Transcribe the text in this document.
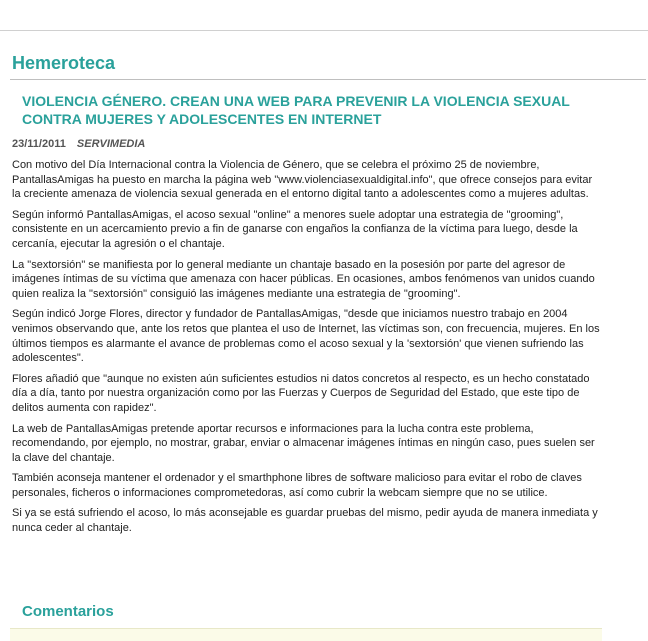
Hemeroteca
VIOLENCIA GÉNERO. CREAN UNA WEB PARA PREVENIR LA VIOLENCIA SEXUAL CONTRA MUJERES Y ADOLESCENTES EN INTERNET
23/11/2011 SERVIMEDIA

Con motivo del Día Internacional contra la Violencia de Género, que se celebra el próximo 25 de noviembre, PantallasAmigas ha puesto en marcha la página web "www.violenciasexualdigital.info", que ofrece consejos para evitar la creciente amenaza de violencia sexual generada en el entorno digital tanto a adolescentes como a mujeres adultas.

Según informó PantallasAmigas, el acoso sexual "online" a menores suele adoptar una estrategia de "grooming", consistente en un acercamiento previo a fin de ganarse con engaños la confianza de la víctima para luego, desde la cercanía, ejecutar la agresión o el chantaje.

La "sextorsión" se manifiesta por lo general mediante un chantaje basado en la posesión por parte del agresor de imágenes íntimas de su víctima que amenaza con hacer públicas. En ocasiones, ambos fenómenos van unidos cuando quien realiza la "sextorsión" consiguió las imágenes mediante una estrategia de "grooming".

Según indicó Jorge Flores, director y fundador de PantallasAmigas, "desde que iniciamos nuestro trabajo en 2004 venimos observando que, ante los retos que plantea el uso de Internet, las víctimas son, con frecuencia, mujeres. En los últimos tiempos es alarmante el avance de problemas como el acoso sexual y la 'sextorsión' que vienen sufriendo las adolescentes".

Flores añadió que "aunque no existen aún suficientes estudios ni datos concretos al respecto, es un hecho constatado día a día, tanto por nuestra organización como por las Fuerzas y Cuerpos de Seguridad del Estado, que este tipo de delitos aumenta con rapidez".

La web de PantallasAmigas pretende aportar recursos e informaciones para la lucha contra este problema, recomendando, por ejemplo, no mostrar, grabar, enviar o almacenar imágenes íntimas en ningún caso, pues suelen ser la clave del chantaje.

También aconseja mantener el ordenador y el smarthphone libres de software malicioso para evitar el robo de claves personales, ficheros o informaciones comprometedoras, así como cubrir la webcam siempre que no se utilice.

Si ya se está sufriendo el acoso, lo más aconsejable es guardar pruebas del mismo, pedir ayuda de manera inmediata y nunca ceder al chantaje.

Comentarios
